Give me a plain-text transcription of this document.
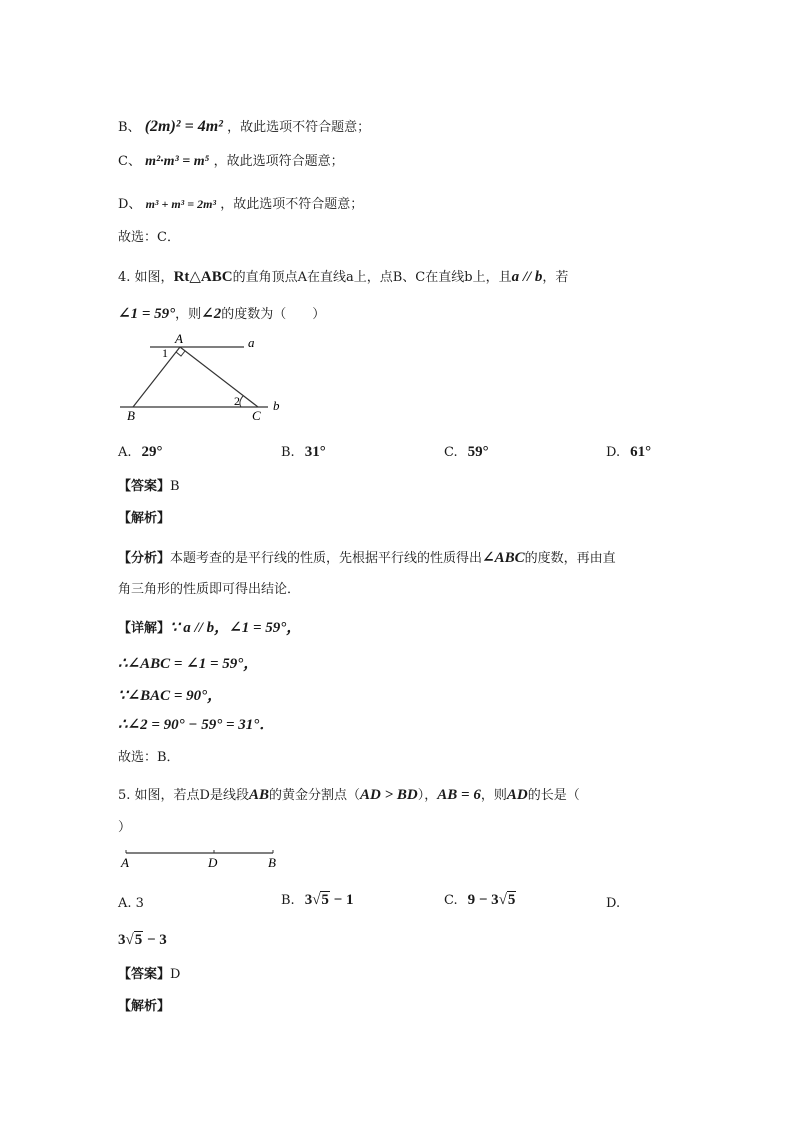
B、 (2m)² = 4m² ，故此选项不符合题意；
C、 m²·m³ = m⁵ ，故此选项符合题意；
D、 m³ + m³ = 2m³ ，故此选项不符合题意；
故选：C．
4. 如图，Rt△ABC的直角顶点A在直线a上，点B、C在直线b上，且a // b，若
∠1 = 59°，则∠2的度数为（　　）
A
B	C
a
b
1
2
A. 29°	B. 31°	C. 59°	D. 61°
【答案】B
【解析】
【分析】本题考查的是平行线的性质，先根据平行线的性质得出∠ABC的度数，再由直
角三角形的性质即可得出结论．
【详解】∵ a // b，∠1 = 59°，
∴∠ABC = ∠1 = 59°，
∵∠BAC = 90°，
∴∠2 = 90° − 59° = 31°．
故选：B．
5. 如图，若点D是线段AB的黄金分割点（AD > BD），AB = 6，则AD的长是（
）
A	D	B
A. 3	B. 3√5 − 1	C. 9 − 3√5	D.
3√5 − 3
【答案】D
【解析】
